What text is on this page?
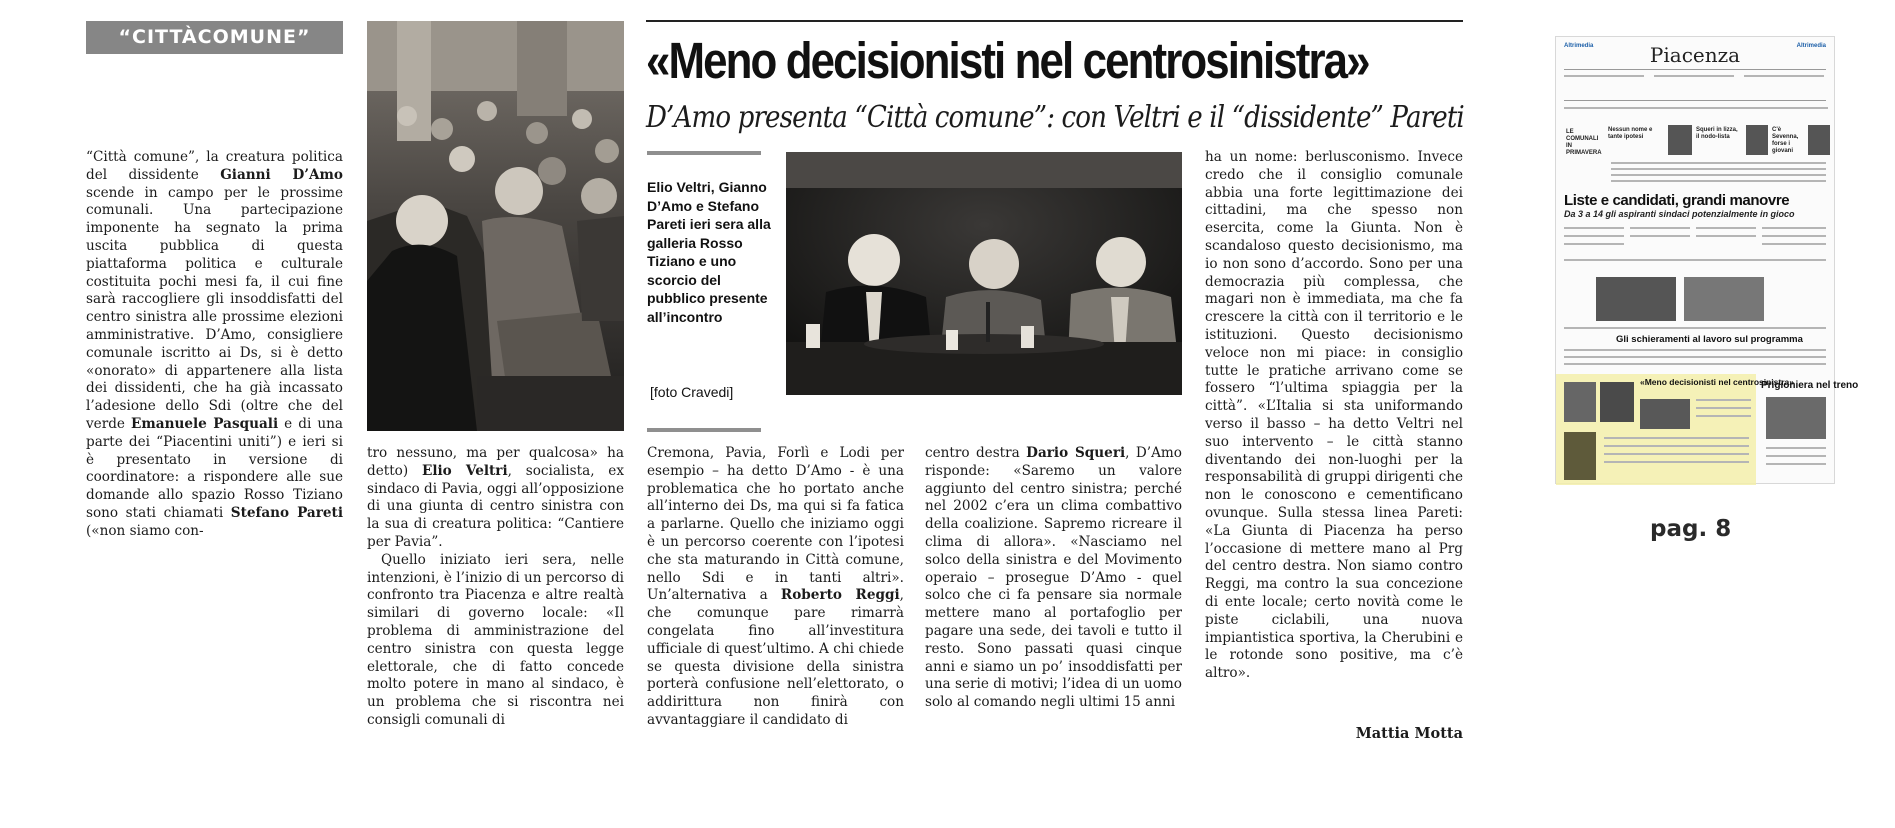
“CITTÀCOMUNE”

“Città comune”, la creatura politica del dissidente Gianni D’Amo scende in campo per le prossime comunali. Una partecipazione imponente ha segnato la prima uscita pubblica di questa piattaforma politica e culturale costituita pochi mesi fa, il cui fine sarà raccogliere gli insoddisfatti del centro sinistra alle prossime elezioni amministrative. D’Amo, consigliere comunale iscritto ai Ds, si è detto «onorato» di appartenere alla lista dei dissidenti, che ha già incassato l’adesione dello Sdi (oltre che del verde Emanuele Pasquali e di una parte dei “Piacentini uniti”) e ieri si è presentato in versione di coordinatore: a rispondere alle sue domande allo spazio Rosso Tiziano sono stati chiamati Stefano Pareti («non siamo con-

tro nessuno, ma per qualcosa» ha detto) Elio Veltri, socialista, ex sindaco di Pavia, oggi all’opposizione di una giunta di centro sinistra con la sua di creatura politica: “Cantiere per Pavia”.

Quello iniziato ieri sera, nelle intenzioni, è l’inizio di un percorso di confronto tra Piacenza e altre realtà similari di governo locale: «Il problema di amministrazione del centro sinistra con questa legge elettorale, che di fatto concede molto potere in mano al sindaco, è un problema che si riscontra nei consigli comunali di

«Meno decisionisti nel centrosinistra»
D’Amo presenta “Città comune”: con Veltri e il “dissidente” Pareti
Elio Veltri, Gianno D’Amo e Stefano Pareti ieri sera alla galleria Rosso Tiziano e uno scorcio del pubblico presente all’incontro
[foto Cravedi]

Cremona, Pavia, Forlì e Lodi per esempio – ha detto D’Amo - è una problematica che ho portato anche all’interno dei Ds, ma qui si fa fatica a parlarne. Quello che iniziamo oggi è un percorso coerente con l’ipotesi che sta maturando in Città comune, nello Sdi e in tanti altri». Un’alternativa a Roberto Reggi, che comunque pare rimarrà congelata fino all’investitura ufficiale di quest’ultimo. A chi chiede se questa divisione della sinistra porterà confusione nell’elettorato, o addirittura non finirà con avvantaggiare il candidato di

centro destra Dario Squeri, D’Amo risponde: «Saremo un valore aggiunto del centro sinistra; perché nel 2002 c’era un clima combattivo della coalizione. Sapremo ricreare il clima di allora». «Nasciamo nel solco della sinistra e del Movimento operaio – prosegue D’Amo - quel solco che ci fa pensare sia normale mettere mano al portafoglio per pagare una sede, dei tavoli e tutto il resto. Sono passati quasi cinque anni e siamo un po’ insoddisfatti per una serie di motivi; l’idea di un uomo solo al comando negli ultimi 15 anni

ha un nome: berlusconismo. Invece credo che il consiglio comunale abbia una forte legittimazione dei cittadini, ma che spesso non esercita, come la Giunta. Non è scandaloso questo decisionismo, ma io non sono d’accordo. Sono per una democrazia più complessa, che magari non è immediata, ma che fa crescere la città con il territorio e le istituzioni. Questo decisionismo veloce non mi piace: in consiglio tutte le pratiche arrivano come se fossero “l’ultima spiaggia per la città”. «L’Italia si sta uniformando verso il basso – ha detto Veltri nel suo intervento – le città stanno diventando dei non-luoghi per la responsabilità di gruppi dirigenti che non le conoscono e cementificano ovunque. Sulla stessa linea Pareti: «La Giunta di Piacenza ha perso l’occasione di mettere mano al Prg del centro destra. Non siamo contro Reggi, ma contro la sua concezione di ente locale; certo novità come le piste ciclabili, una nuova impiantistica sportiva, la Cherubini e le rotonde sono positive, ma c’è altro».

Mattia Motta
Altrimedia	Piacenza	Altrimedia
LE COMUNALI IN PRIMAVERA
Nessun nome e tante ipotesi
Squeri in lizza, il nodo-lista
C'è Sevenna, forse i giovani
Liste e candidati, grandi manovre
Da 3 a 14 gli aspiranti sindaci potenzialmente in gioco
Gli schieramenti al lavoro sul programma
«Meno decisionisti nel centrosinistra»
Prigioniera nel treno
pag. 8
